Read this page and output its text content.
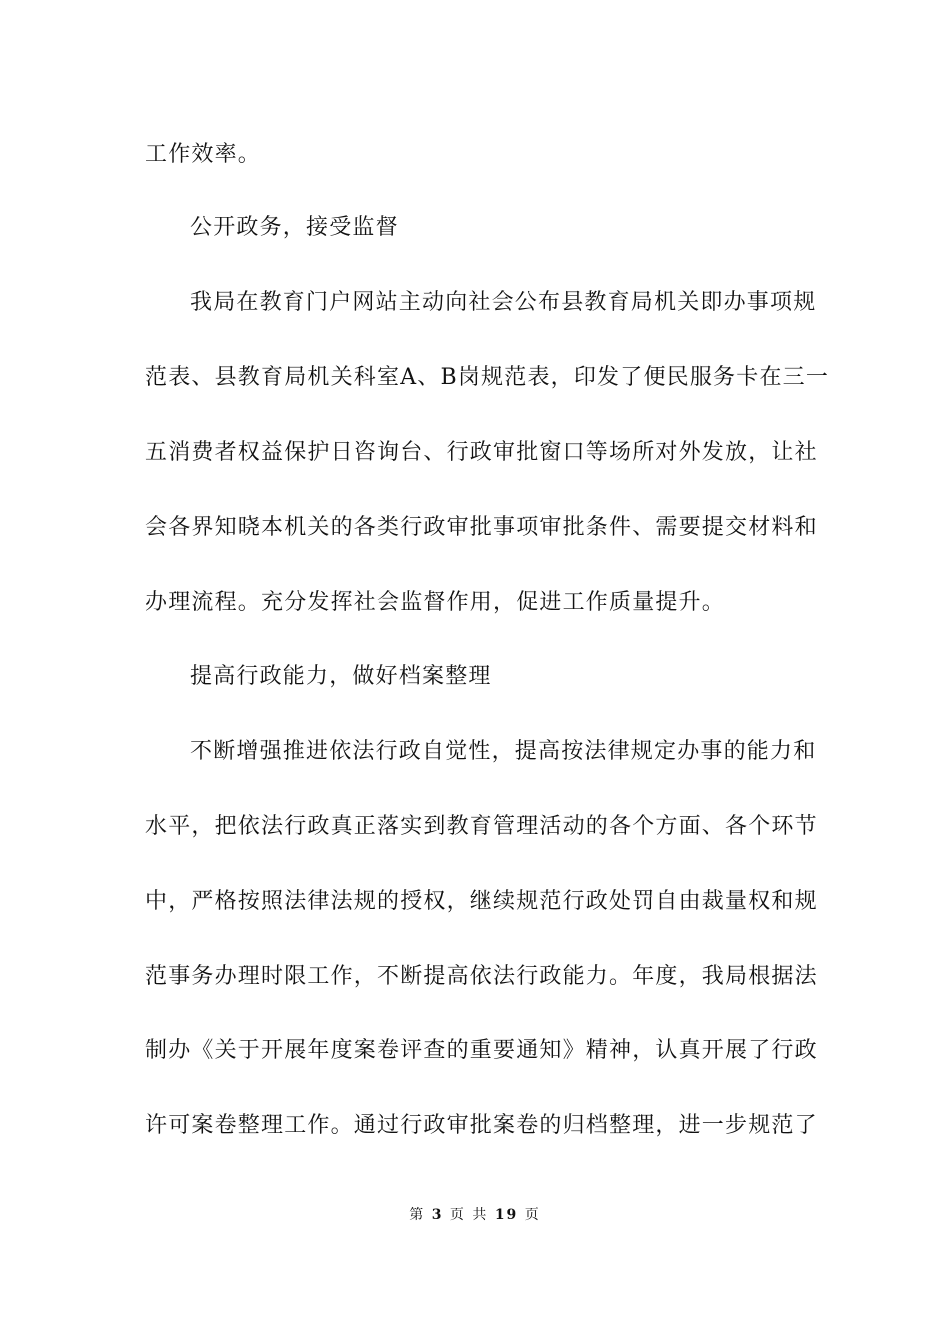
工作效率。
公开政务，接受监督
我局在教育门户网站主动向社会公布县教育局机关即办事项规
范表、县教育局机关科室A、B岗规范表，印发了便民服务卡在三一
五消费者权益保护日咨询台、行政审批窗口等场所对外发放，让社
会各界知晓本机关的各类行政审批事项审批条件、需要提交材料和
办理流程。充分发挥社会监督作用，促进工作质量提升。
提高行政能力，做好档案整理
不断增强推进依法行政自觉性，提高按法律规定办事的能力和
水平，把依法行政真正落实到教育管理活动的各个方面、各个环节
中，严格按照法律法规的授权，继续规范行政处罚自由裁量权和规
范事务办理时限工作，不断提高依法行政能力。年度，我局根据法
制办《关于开展年度案卷评查的重要通知》精神，认真开展了行政
许可案卷整理工作。通过行政审批案卷的归档整理，进一步规范了
第 3 页 共 19 页
